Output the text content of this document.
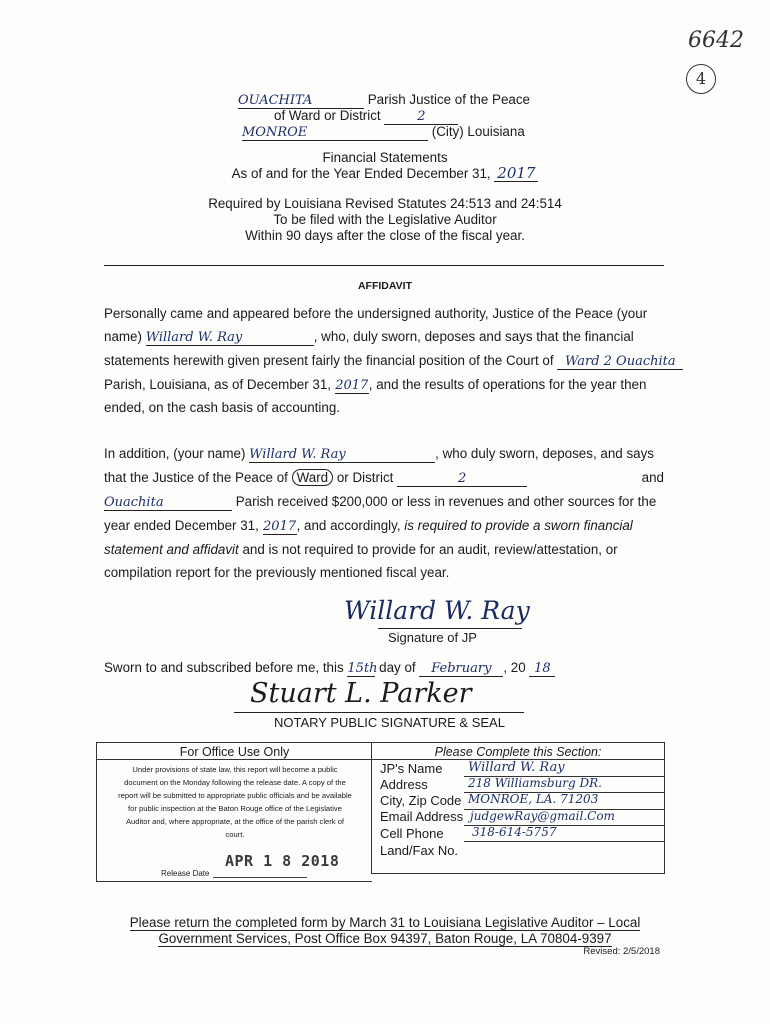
6642
4
OUACHITA	Parish Justice of the Peace
of Ward or District	2
MONROE	(City) Louisiana
Financial Statements
As of and for the Year Ended December 31, 2017
Required by Louisiana Revised Statutes 24:513 and 24:514
To be filed with the Legislative Auditor
Within 90 days after the close of the fiscal year.
AFFIDAVIT
Personally came and appeared before the undersigned authority, Justice of the Peace (your
name) Willard W. Ray	, who, duly sworn, deposes and says that the financial
statements herewith given present fairly the financial position of the Court of Ward 2 Ouachita
Parish, Louisiana, as of December 31, 2017, and the results of operations for the year then
ended, on the cash basis of accounting.
In addition, (your name) Willard W. Ray	, who duly sworn, deposes, and says
that the Justice of the Peace of Ward or District	2	and
Ouachita	Parish received $200,000 or less in revenues and other sources for the
year ended December 31, 2017, and accordingly, is required to provide a sworn financial
statement and affidavit and is not required to provide for an audit, review/attestation, or
compilation report for the previously mentioned fiscal year.
Willard W. Ray
Signature of JP
Sworn to and subscribed before me, this 15th day of February , 20 18
Stuart L. Parker
NOTARY PUBLIC SIGNATURE & SEAL
For Office Use Only
Under provisions of state law, this report will become a public
document on the Monday following the release date. A copy of the
report will be submitted to appropriate public officials and be available
for public inspection at the Baton Rouge office of the Legislative
Auditor and, where appropriate, at the office of the parish clerk of
court.
APR 1 8 2018
Release Date
Please Complete this Section:
JP's Name Willard W. Ray
Address	218 Williamsburg DR.
City, Zip Code MONROE, LA. 71203
Email Address judgewRay@gmail.Com
Cell Phone 318-614-5757
Land/Fax No.
Please return the completed form by March 31 to Louisiana Legislative Auditor – Local
Government Services, Post Office Box 94397, Baton Rouge, LA 70804-9397
Revised: 2/5/2018
